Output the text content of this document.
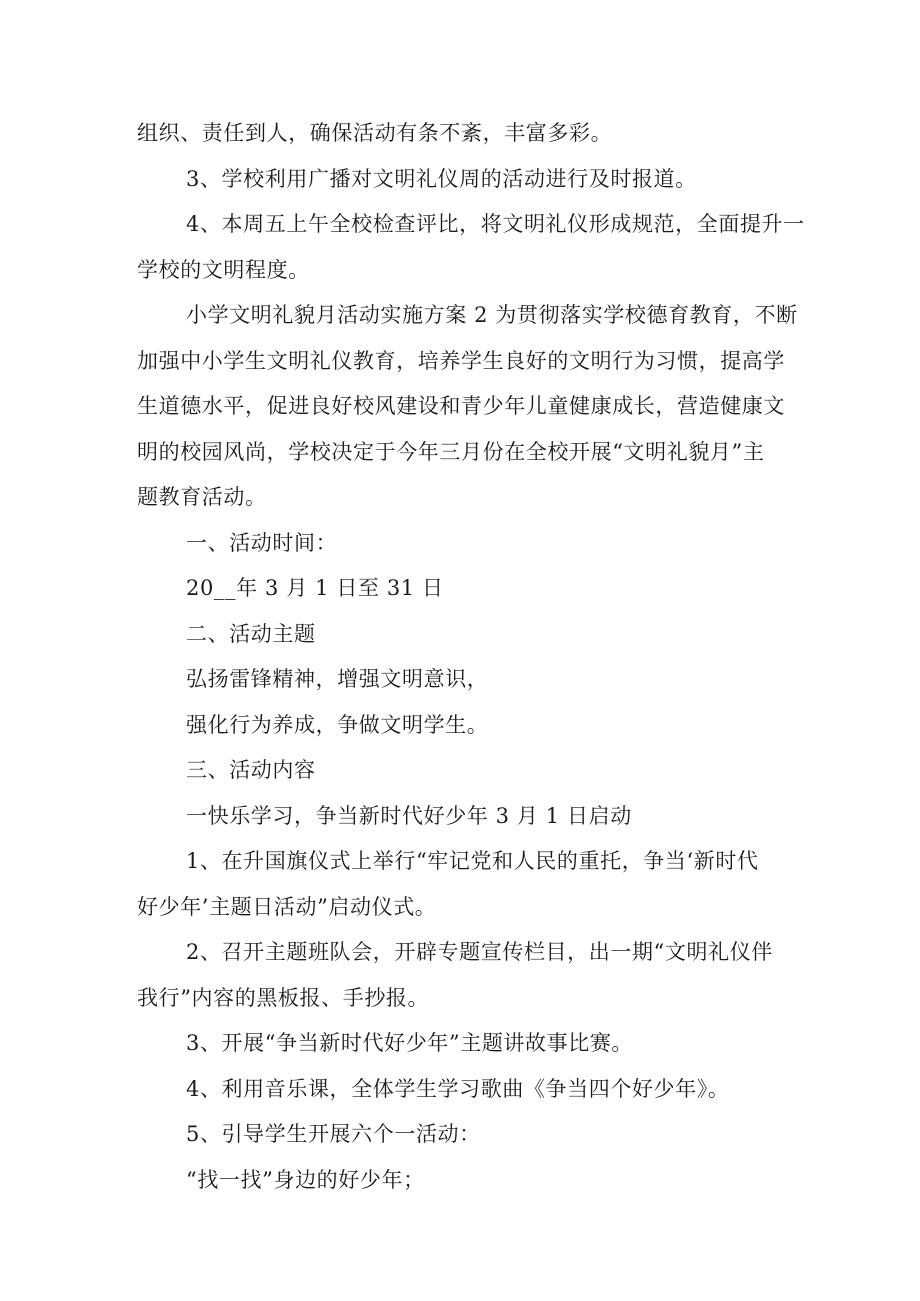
组织、责任到人，确保活动有条不紊，丰富多彩。
3、学校利用广播对文明礼仪周的活动进行及时报道。
4、本周五上午全校检查评比，将文明礼仪形成规范，全面提升一
学校的文明程度。
小学文明礼貌月活动实施方案 2 为贯彻落实学校德育教育，不断
加强中小学生文明礼仪教育，培养学生良好的文明行为习惯，提高学
生道德水平，促进良好校风建设和青少年儿童健康成长，营造健康文
明的校园风尚，学校决定于今年三月份在全校开展“文明礼貌月”主
题教育活动。
一、活动时间：
20__年 3 月 1 日至 31 日
二、活动主题
弘扬雷锋精神，增强文明意识，
强化行为养成，争做文明学生。
三、活动内容
一快乐学习，争当新时代好少年 3 月 1 日启动
1、在升国旗仪式上举行“牢记党和人民的重托，争当‘新时代
好少年’主题日活动”启动仪式。
2、召开主题班队会，开辟专题宣传栏目，出一期“文明礼仪伴
我行”内容的黑板报、手抄报。
3、开展“争当新时代好少年”主题讲故事比赛。
4、利用音乐课，全体学生学习歌曲《争当四个好少年》。
5、引导学生开展六个一活动：
“找一找”身边的好少年；
